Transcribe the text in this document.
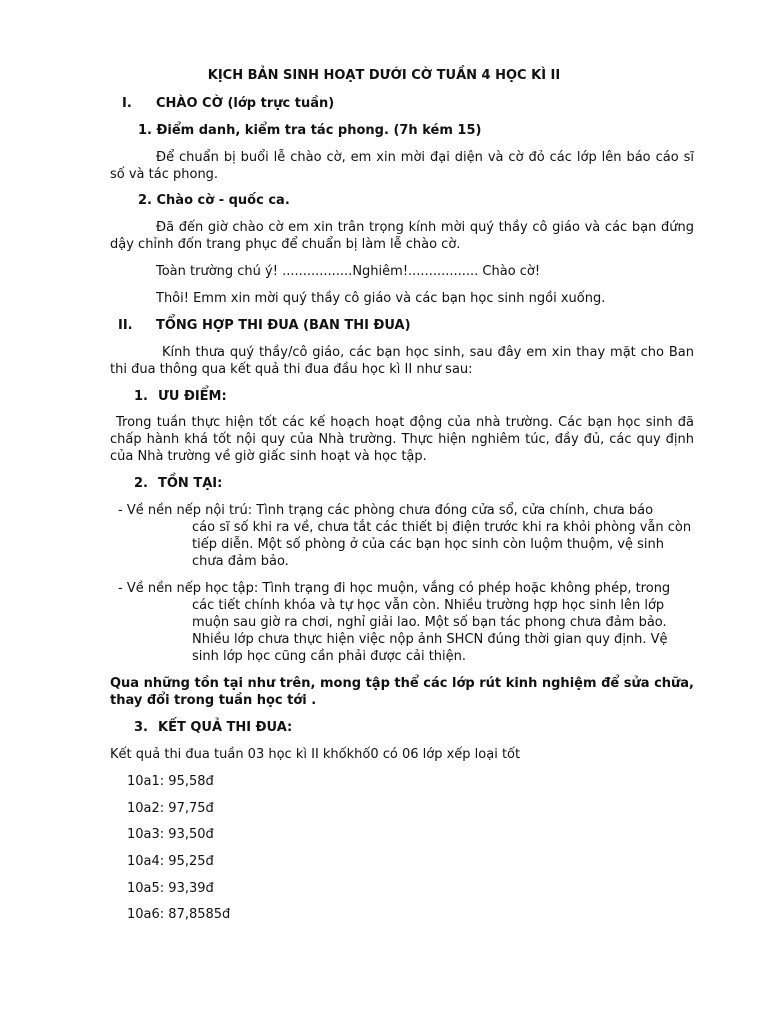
KỊCH BẢN SINH HOẠT DƯỚI CỜ TUẦN 4 HỌC KÌ II
I. CHÀO CỜ (lớp trực tuần)
1. Điểm danh, kiểm tra tác phong. (7h kém 15)
Để chuẩn bị buổi lễ chào cờ, em xin mời đại diện và cờ đỏ các lớp lên báo cáo sĩ số và tác phong.
2. Chào cờ - quốc ca.
Đã đến giờ chào cờ em xin trân trọng kính mời quý thầy cô giáo và các bạn đứng dậy chỉnh đốn trang phục để chuẩn bị làm lễ chào cờ.
Toàn trường chú ý! .................Nghiêm!................. Chào cờ!
Thôi! Emm xin mời quý thầy cô giáo và các bạn học sinh ngồi xuống.
II. TỔNG HỢP THI ĐUA (BAN THI ĐUA)
Kính thưa quý thầy/cô giáo, các bạn học sinh, sau đây em xin thay mặt cho Ban thi đua thông qua kết quả thi đua đầu học kì II như sau:
1. ƯU ĐIỂM:
Trong tuần thực hiện tốt các kế hoạch hoạt động của nhà trường. Các bạn học sinh đã chấp hành khá tốt nội quy của Nhà trường. Thực hiện nghiêm túc, đầy đủ, các quy định của Nhà trường về giờ giấc sinh hoạt và học tập.
2. TỒN TẠI:
- Về nền nếp nội trú: Tình trạng các phòng chưa đóng cửa sổ, cửa chính, chưa báo
cáo sĩ số khi ra về, chưa tắt các thiết bị điện trước khi ra khỏi phòng vẫn còn tiếp diễn. Một số phòng ở của các bạn học sinh còn luộm thuộm, vệ sinh chưa đảm bảo.
- Về nền nếp học tập: Tình trạng đi học muộn, vắng có phép hoặc không phép, trong
các tiết chính khóa và tự học vẫn còn. Nhiều trường hợp học sinh lên lớp muộn sau giờ ra chơi, nghỉ giải lao. Một số bạn tác phong chưa đảm bảo. Nhiều lớp chưa thực hiện việc nộp ảnh SHCN đúng thời gian quy định. Vệ sinh lớp học cũng cần phải được cải thiện.
Qua những tồn tại như trên, mong tập thể các lớp rút kinh nghiệm để sửa chữa, thay đổi trong tuần học tới .
3. KẾT QUẢ THI ĐUA:
Kết quả thi đua tuần 03 học kì II khốkhố0 có 06 lớp xếp loại tốt
10a1: 95,58đ
10a2: 97,75đ
10a3: 93,50đ
10a4: 95,25đ
10a5: 93,39đ
10a6: 87,8585đ
